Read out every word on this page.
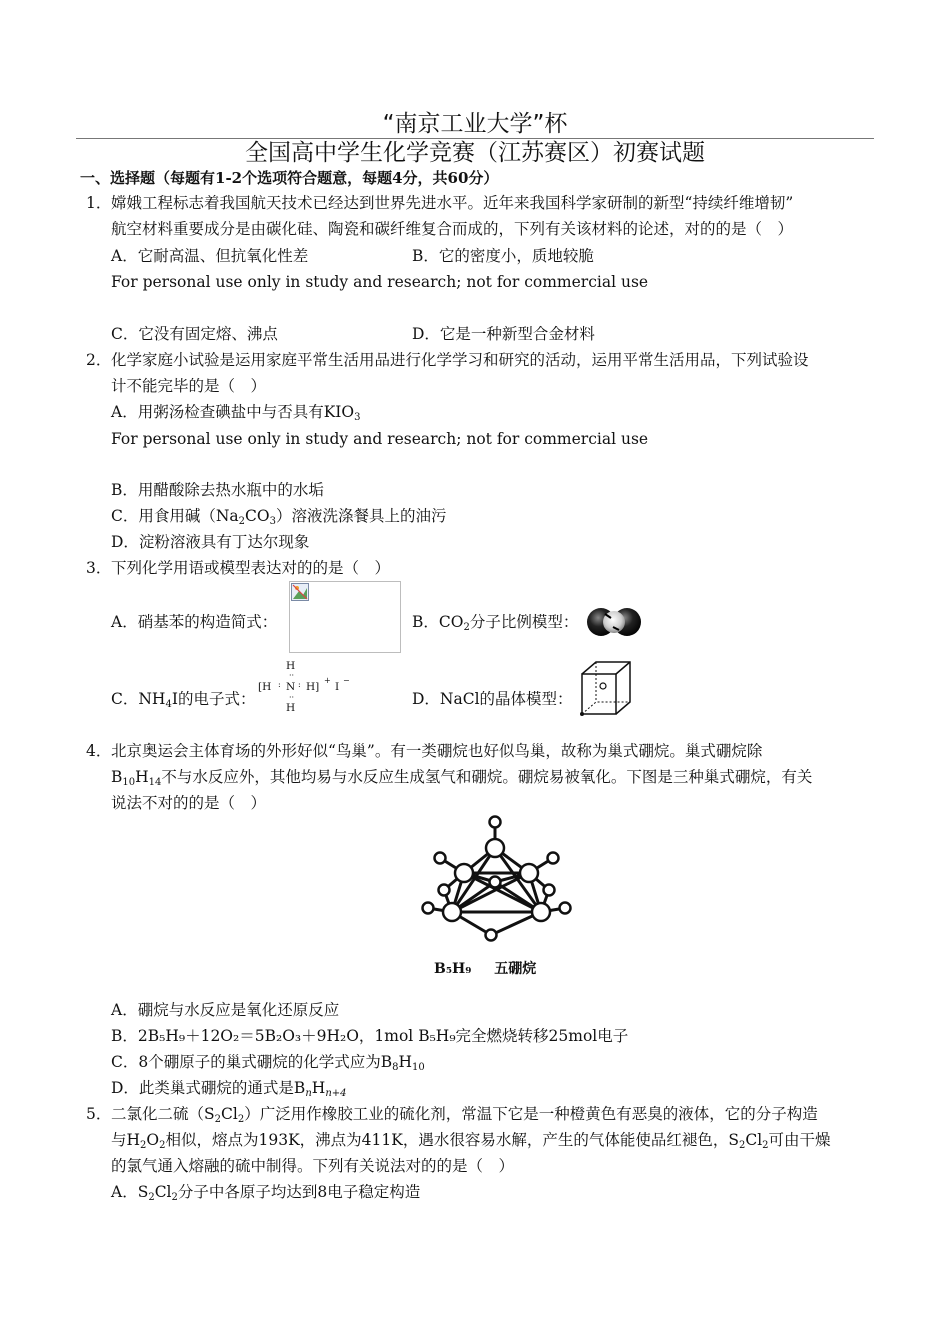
“南京工业大学”杯
全国高中学生化学竞赛（江苏赛区）初赛试题
一、选择题（每题有1-2个选项符合题意，每题4分，共60分）
1． 嫦娥工程标志着我国航天技术已经达到世界先进水平。近年来我国科学家研制的新型“持续纤维增韧”
航空材料重要成分是由碳化硅、陶瓷和碳纤维复合而成的，下列有关该材料的论述，对的的是（　）
A．它耐高温、但抗氧化性差	B．它的密度小，质地较脆
For personal use only in study and research; not for commercial use
C．它没有固定熔、沸点	D．它是一种新型合金材料
2． 化学家庭小试验是运用家庭平常生活用品进行化学学习和研究的活动，运用平常生活用品，下列试验设
计不能完毕的是（　）
A．用粥汤检查碘盐中与否具有$KIO_3$
For personal use only in study and research; not for commercial use
B．用醋酸除去热水瓶中的水垢
C．用食用碱$(Na_2CO_3)$溶液洗涤餐具上的油污
D．淀粉溶液具有丁达尔现象
3． 下列化学用语或模型表达对的的是（　）
A．硝基苯的构造简式：	B．$CO_2$分子比例模型：
C．$NH_4I$的电子式：
H
··
[H : N : H]
+
I
−
··
H	D．NaCl的晶体模型：
4． 北京奥运会主体育场的外形好似“鸟巢”。有一类硼烷也好似鸟巢，故称为巢式硼烷。巢式硼烷除
$B_{10}H_{14}$不与水反应外，其他均易与水反应生成氢气和硼烷。硼烷易被氧化。下图是三种巢式硼烷，有关
说法不对的的是（　）
B₅H₉ 五硼烷
A．硼烷与水反应是氧化还原反应
B．2B₅H₉＋12O₂＝5B₂O₃＋9H₂O，1mol B₅H₉完全燃烧转移25mol电子
C．8个硼原子的巢式硼烷的化学式应为$B_8H_{10}$
D．此类巢式硼烷的通式是$B_nH_{n+4}$
5． 二氯化二硫$(S_2Cl_2)$广泛用作橡胶工业的硫化剂，常温下它是一种橙黄色有恶臭的液体，它的分子构造
与$H_2O_2$相似，熔点为193K，沸点为411K，遇水很容易水解，产生的气体能使品红褪色，$S_2Cl_2$可由干燥
的氯气通入熔融的硫中制得。下列有关说法对的的是（　）
A．$S_2Cl_2$分子中各原子均达到8电子稳定构造
